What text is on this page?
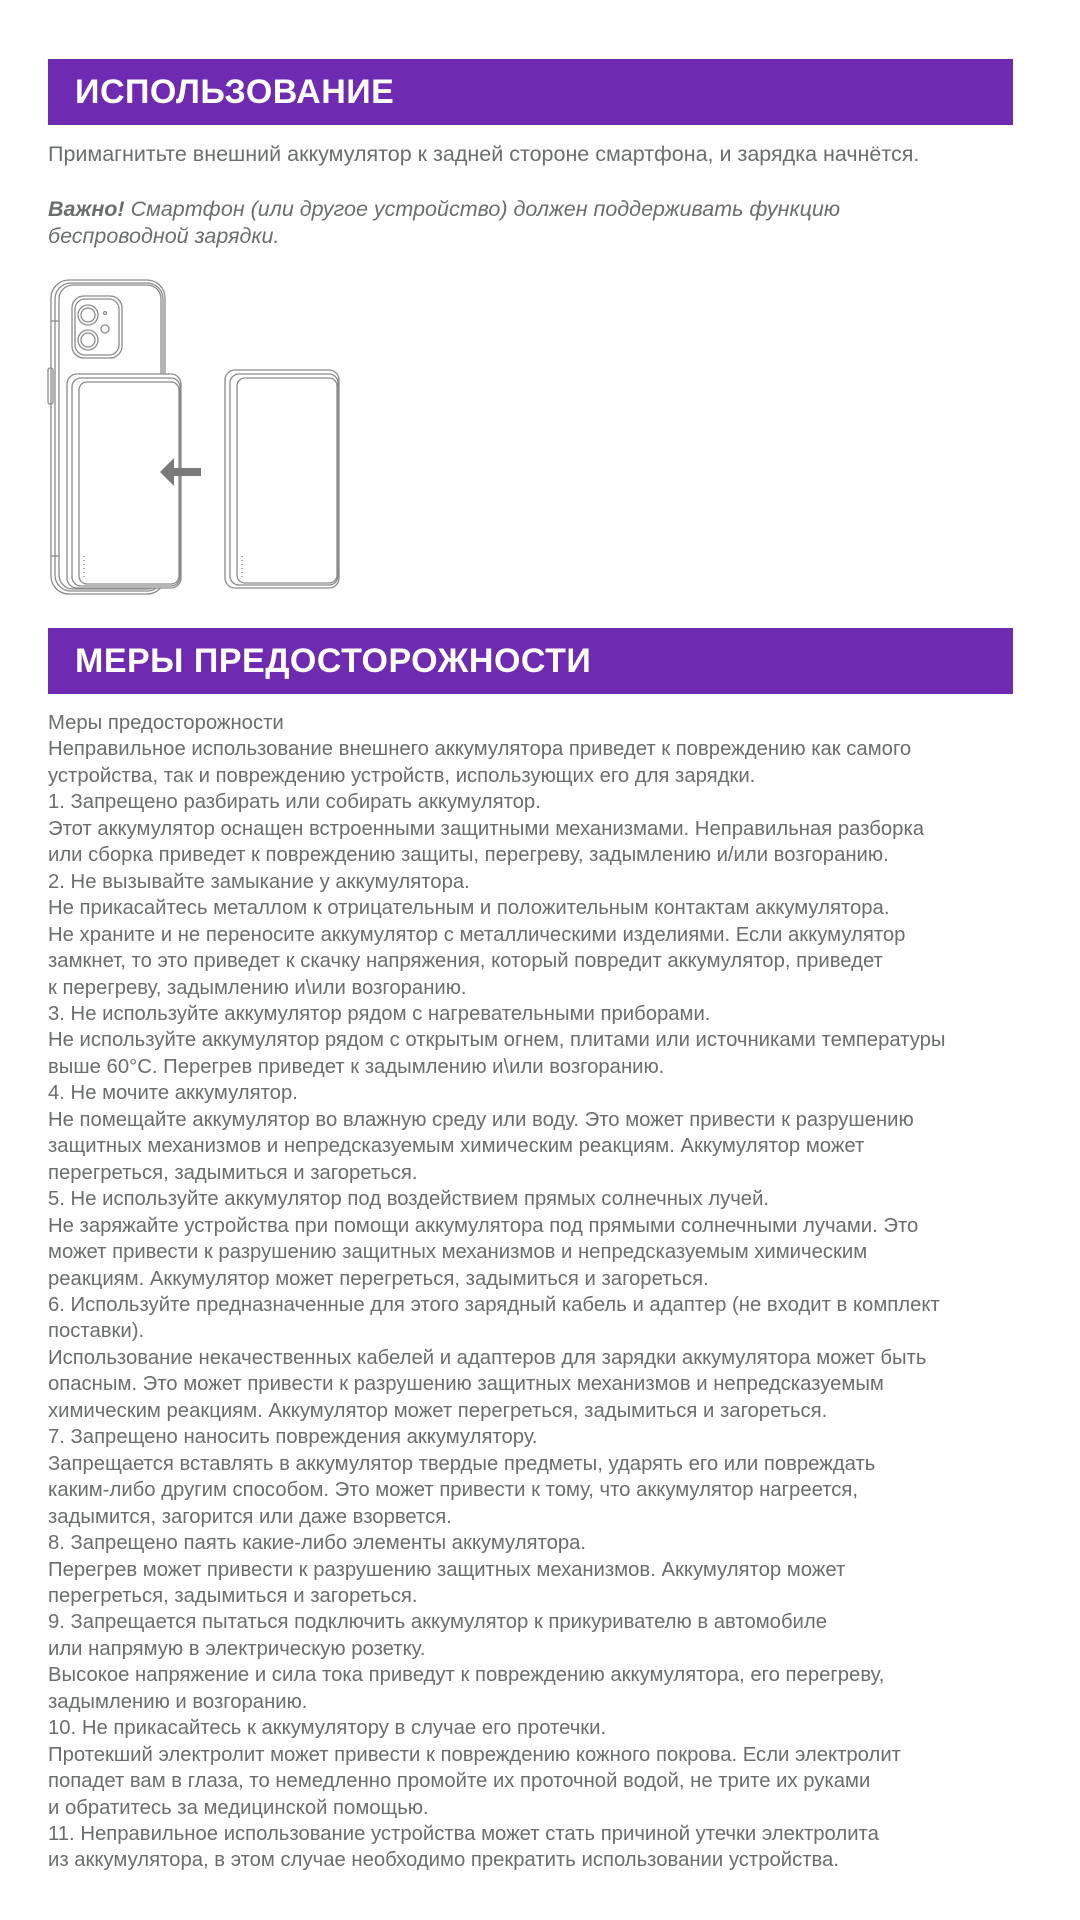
ИСПОЛЬЗОВАНИЕ
Примагнитьте внешний аккумулятор к задней стороне смартфона, и зарядка начнётся.
Важно! Смартфон (или другое устройство) должен поддерживать функцию
беспроводной зарядки.
МЕРЫ ПРЕДОСТОРОЖНОСТИ
Меры предосторожности
Неправильное использование внешнего аккумулятора приведет к повреждению как самого
устройства, так и повреждению устройств, использующих его для зарядки.
1. Запрещено разбирать или собирать аккумулятор.
Этот аккумулятор оснащен встроенными защитными механизмами. Неправильная разборка
или сборка приведет к повреждению защиты, перегреву, задымлению и/или возгоранию.
2. Не вызывайте замыкание у аккумулятора.
Не прикасайтесь металлом к отрицательным и положительным контактам аккумулятора.
Не храните и не переносите аккумулятор с металлическими изделиями. Если аккумулятор
замкнет, то это приведет к скачку напряжения, который повредит аккумулятор, приведет
к перегреву, задымлению и\или возгоранию.
3. Не используйте аккумулятор рядом с нагревательными приборами.
Не используйте аккумулятор рядом с открытым огнем, плитами или источниками температуры
выше 60°С. Перегрев приведет к задымлению и\или возгоранию.
4. Не мочите аккумулятор.
Не помещайте аккумулятор во влажную среду или воду. Это может привести к разрушению
защитных механизмов и непредсказуемым химическим реакциям. Аккумулятор может
перегреться, задымиться и загореться.
5. Не используйте аккумулятор под воздействием прямых солнечных лучей.
Не заряжайте устройства при помощи аккумулятора под прямыми солнечными лучами. Это
может привести к разрушению защитных механизмов и непредсказуемым химическим
реакциям. Аккумулятор может перегреться, задымиться и загореться.
6. Используйте предназначенные для этого зарядный кабель и адаптер (не входит в комплект
поставки).
Использование некачественных кабелей и адаптеров для зарядки аккумулятора может быть
опасным. Это может привести к разрушению защитных механизмов и непредсказуемым
химическим реакциям. Аккумулятор может перегреться, задымиться и загореться.
7. Запрещено наносить повреждения аккумулятору.
Запрещается вставлять в аккумулятор твердые предметы, ударять его или повреждать
каким-либо другим способом. Это может привести к тому, что аккумулятор нагреется,
задымится, загорится или даже взорвется.
8. Запрещено паять какие-либо элементы аккумулятора.
Перегрев может привести к разрушению защитных механизмов. Аккумулятор может
перегреться, задымиться и загореться.
9. Запрещается пытаться подключить аккумулятор к прикуривателю в автомобиле
или напрямую в электрическую розетку.
Высокое напряжение и сила тока приведут к повреждению аккумулятора, его перегреву,
задымлению и возгоранию.
10. Не прикасайтесь к аккумулятору в случае его протечки.
Протекший электролит может привести к повреждению кожного покрова. Если электролит
попадет вам в глаза, то немедленно промойте их проточной водой, не трите их руками
и обратитесь за медицинской помощью.
11. Неправильное использование устройства может стать причиной утечки электролита
из аккумулятора, в этом случае необходимо прекратить использовании устройства.
